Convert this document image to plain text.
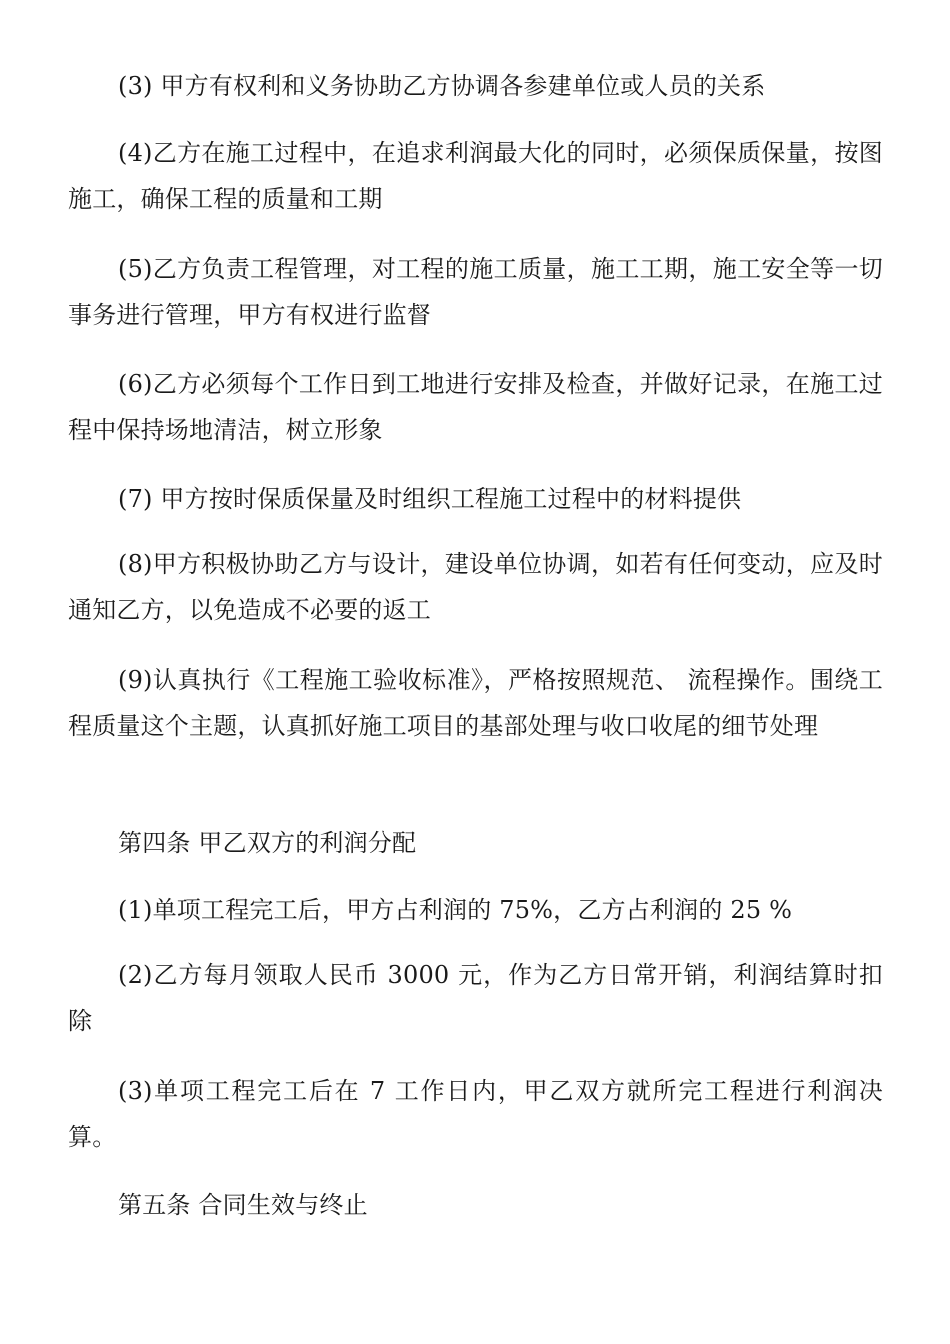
(3) 甲方有权利和义务协助乙方协调各参建单位或人员的关系

(4)乙方在施工过程中，在追求利润最大化的同时，必须保质保量，按图施工，确保工程的质量和工期

(5)乙方负责工程管理，对工程的施工质量，施工工期，施工安全等一切事务进行管理，甲方有权进行监督

(6)乙方必须每个工作日到工地进行安排及检查，并做好记录，在施工过程中保持场地清洁，树立形象

(7) 甲方按时保质保量及时组织工程施工过程中的材料提供

(8)甲方积极协助乙方与设计，建设单位协调，如若有任何变动，应及时通知乙方，以免造成不必要的返工

(9)认真执行《工程施工验收标准》，严格按照规范、 流程操作。围绕工程质量这个主题，认真抓好施工项目的基部处理与收口收尾的细节处理

第四条 甲乙双方的利润分配

(1)单项工程完工后，甲方占利润的 75%，乙方占利润的 25 %

(2)乙方每月领取人民币 3000 元，作为乙方日常开销，利润结算时扣除

(3)单项工程完工后在 7 工作日内，甲乙双方就所完工程进行利润决算。

第五条 合同生效与终止
